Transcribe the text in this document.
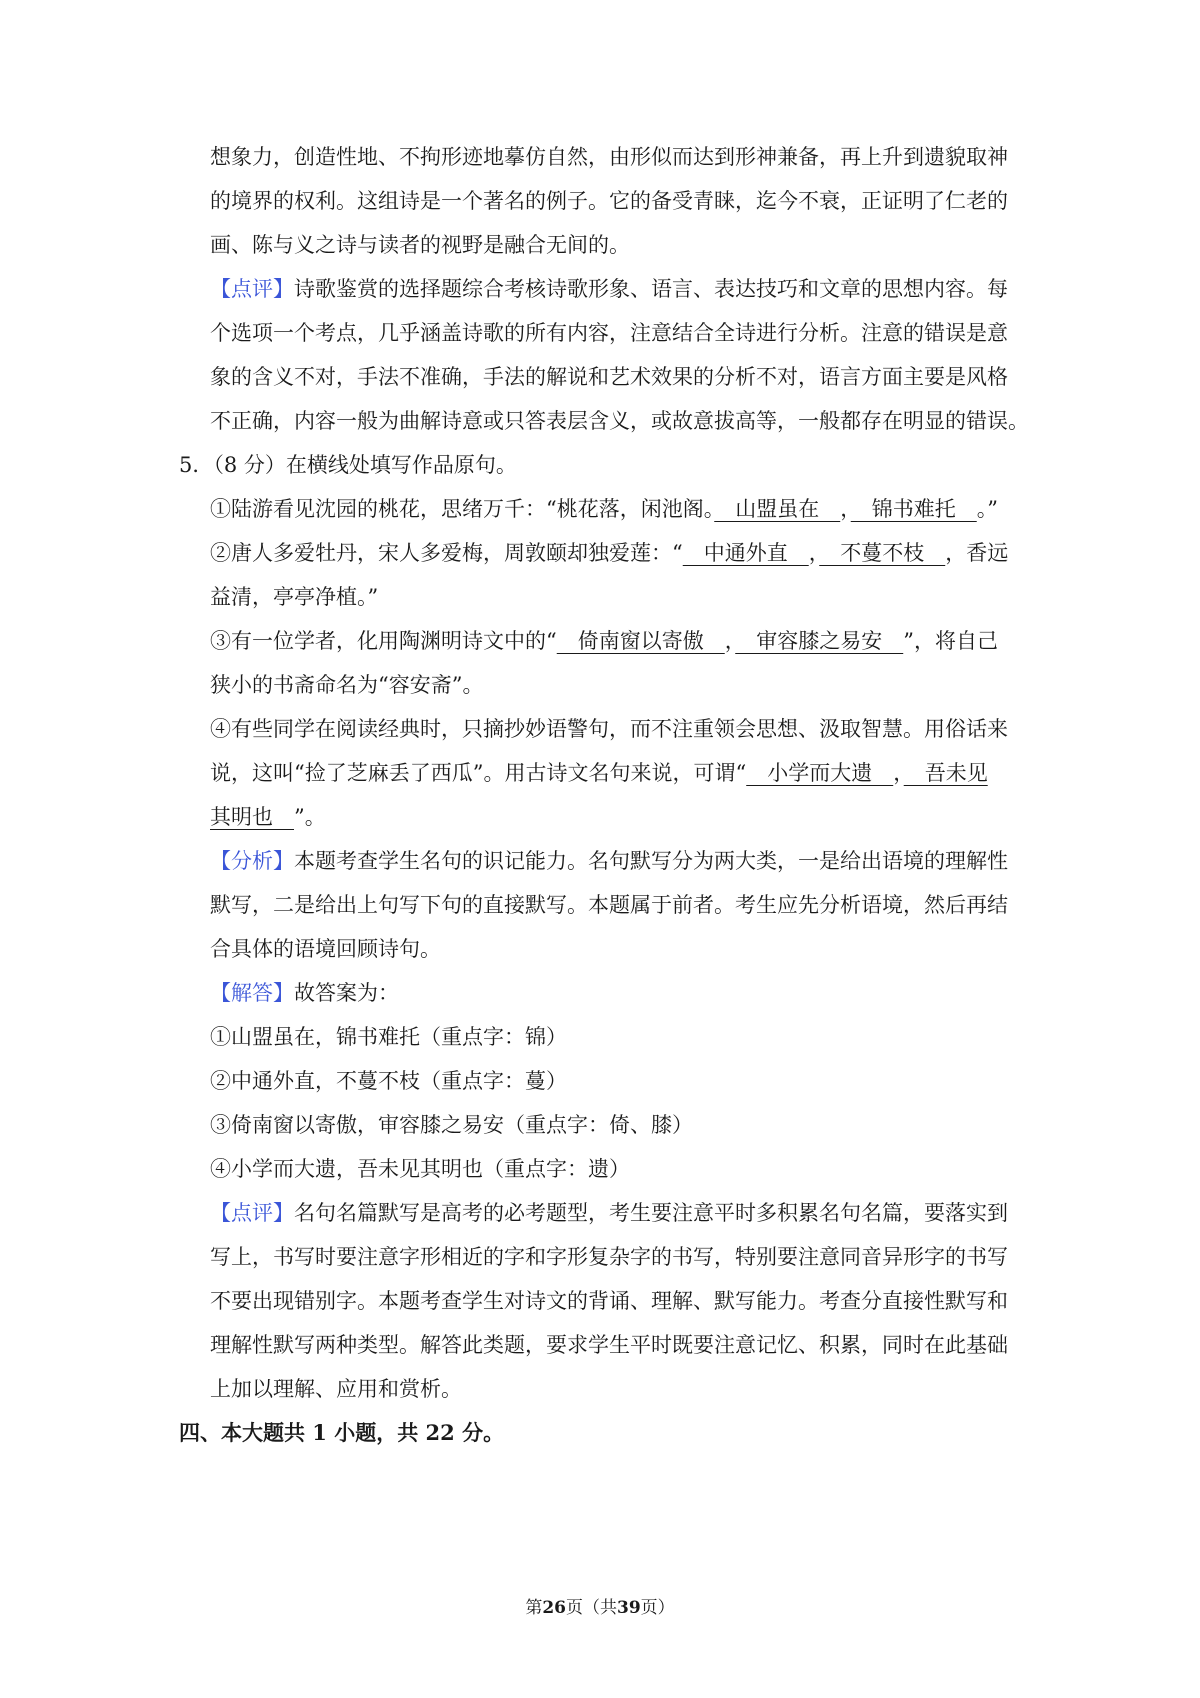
想象力，创造性地、不拘形迹地摹仿自然，由形似而达到形神兼备，再上升到遗貌取神
的境界的权利。这组诗是一个著名的例子。它的备受青睐，迄今不衰，正证明了仁老的
画、陈与义之诗与读者的视野是融合无间的。
【点评】诗歌鉴赏的选择题综合考核诗歌形象、语言、表达技巧和文章的思想内容。每
个选项一个考点，几乎涵盖诗歌的所有内容，注意结合全诗进行分析。注意的错误是意
象的含义不对，手法不准确，手法的解说和艺术效果的分析不对，语言方面主要是风格
不正确，内容一般为曲解诗意或只答表层含义，或故意拔高等，一般都存在明显的错误。
5．（8 分）在横线处填写作品原句。
①陆游看见沈园的桃花，思绪万千：“桃花落，闲池阁。　山盟虽在　，　锦书难托　。”
②唐人多爱牡丹，宋人多爱梅，周敦颐却独爱莲：“　中通外直　，　不蔓不枝　，香远
益清，亭亭净植。”
③有一位学者，化用陶渊明诗文中的“　倚南窗以寄傲　，　审容膝之易安　”，将自己
狭小的书斋命名为“容安斋”。
④有些同学在阅读经典时，只摘抄妙语警句，而不注重领会思想、汲取智慧。用俗话来
说，这叫“捡了芝麻丢了西瓜”。用古诗文名句来说，可谓“　小学而大遗　，　吾未见
其明也　”。
【分析】本题考查学生名句的识记能力。名句默写分为两大类，一是给出语境的理解性
默写，二是给出上句写下句的直接默写。本题属于前者。考生应先分析语境，然后再结
合具体的语境回顾诗句。
【解答】故答案为：
①山盟虽在，锦书难托（重点字：锦）
②中通外直，不蔓不枝（重点字：蔓）
③倚南窗以寄傲，审容膝之易安（重点字：倚、膝）
④小学而大遗，吾未见其明也（重点字：遗）
【点评】名句名篇默写是高考的必考题型，考生要注意平时多积累名句名篇，要落实到
写上，书写时要注意字形相近的字和字形复杂字的书写，特别要注意同音异形字的书写
不要出现错别字。本题考查学生对诗文的背诵、理解、默写能力。考查分直接性默写和
理解性默写两种类型。解答此类题，要求学生平时既要注意记忆、积累，同时在此基础
上加以理解、应用和赏析。
四、本大题共 1 小题，共 22 分。
第26页（共39页）
